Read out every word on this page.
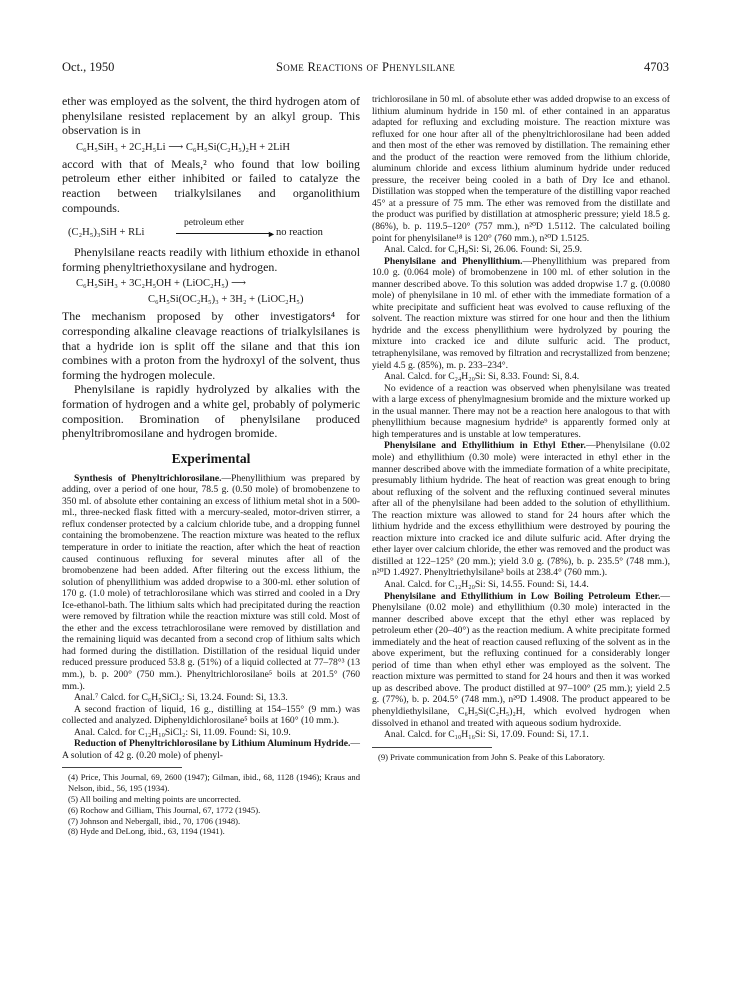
Oct., 1950	Some Reactions of Phenylsilane	4703

ether was employed as the solvent, the third hydrogen atom of phenylsilane resisted replacement by an alkyl group. This observation is in

C₆H₅SiH₃ + 2C₂H₅Li ⟶ C₆H₅Si(C₂H₅)₂H + 2LiH

accord with that of Meals,² who found that low boiling petroleum ether either inhibited or failed to catalyze the reaction between trialkylsilanes and organolithium compounds.

(C₂H₅)₃SiH + RLi
petroleum ether
► no reaction

Phenylsilane reacts readily with lithium ethoxide in ethanol forming phenyltriethoxysilane and hydrogen.

C₆H₅SiH₃ + 3C₂H₅OH + (LiOC₂H₅) ⟶
C₆H₅Si(OC₂H₅)₃ + 3H₂ + (LiOC₂H₅)

The mechanism proposed by other investigators⁴ for corresponding alkaline cleavage reactions of trialkylsilanes is that a hydride ion is split off the silane and that this ion combines with a proton from the hydroxyl of the solvent, thus forming the hydrogen molecule.

Phenylsilane is rapidly hydrolyzed by alkalies with the formation of hydrogen and a white gel, probably of polymeric composition. Bromination of phenylsilane produced phenyltribromosilane and hydrogen bromide.

Experimental

Synthesis of Phenyltrichlorosilane.—Phenyllithium was prepared by adding, over a period of one hour, 78.5 g. (0.50 mole) of bromobenzene to 350 ml. of absolute ether containing an excess of lithium metal shot in a 500-ml., three-necked flask fitted with a mercury-sealed, motor-driven stirrer, a reflux condenser protected by a calcium chloride tube, and a dropping funnel containing the bromobenzene. The reaction mixture was heated to the reflux temperature in order to initiate the reaction, after which the heat of reaction caused continuous refluxing for several minutes after all of the bromobenzene had been added. After filtering out the excess lithium, the solution of phenyllithium was added dropwise to a 300-ml. ether solution of 170 g. (1.0 mole) of tetrachlorosilane which was stirred and cooled in a Dry Ice-ethanol-bath. The lithium salts which had precipitated during the reaction were removed by filtration while the reaction mixture was still cold. Most of the ether and the excess tetrachlorosilane were removed by distillation and the remaining liquid was decanted from a second crop of lithium salts which had formed during the distillation. Distillation of the residual liquid under reduced pressure produced 53.8 g. (51%) of a liquid collected at 77–78°³ (13 mm.), b. p. 200° (750 mm.). Phenyltrichlorosilane⁵ boils at 201.5° (760 mm.).

Anal.⁷ Calcd. for C₆H₅SiCl₃: Si, 13.24. Found: Si, 13.3.

A second fraction of liquid, 16 g., distilling at 154–155° (9 mm.) was collected and analyzed. Diphenyldichlorosilane⁵ boils at 160° (10 mm.).

Anal. Calcd. for C₁₂H₁₀SiCl₂: Si, 11.09. Found: Si, 10.9.

Reduction of Phenyltrichlorosilane by Lithium Aluminum Hydride.—A solution of 42 g. (0.20 mole) of phenyl-

(4) Price, This Journal, 69, 2600 (1947); Gilman, ibid., 68, 1128 (1946); Kraus and Nelson, ibid., 56, 195 (1934).
(5) All boiling and melting points are uncorrected.
(6) Rochow and Gilliam, This Journal, 67, 1772 (1945).
(7) Johnson and Nebergall, ibid., 70, 1706 (1948).
(8) Hyde and DeLong, ibid., 63, 1194 (1941).

trichlorosilane in 50 ml. of absolute ether was added dropwise to an excess of lithium aluminum hydride in 150 ml. of ether contained in an apparatus adapted for refluxing and excluding moisture. The reaction mixture was refluxed for one hour after all of the phenyltrichlorosilane had been added and then most of the ether was removed by distillation. The remaining ether and the product of the reaction were removed from the lithium chloride, aluminum chloride and excess lithium aluminum hydride under reduced pressure, the receiver being cooled in a bath of Dry Ice and ethanol. Distillation was stopped when the temperature of the distilling vapor reached 45° at a pressure of 75 mm. The ether was removed from the distillate and the product was purified by distillation at atmospheric pressure; yield 18.5 g. (86%), b. p. 119.5–120° (757 mm.), n²⁰D 1.5112. The calculated boiling point for phenylsilane¹⁸ is 120° (760 mm.), n²⁰D 1.5125.

Anal. Calcd. for C₆H₈Si: Si, 26.06. Found: Si, 25.9.

Phenylsilane and Phenyllithium.—Phenyllithium was prepared from 10.0 g. (0.064 mole) of bromobenzene in 100 ml. of ether solution in the manner described above. To this solution was added dropwise 1.7 g. (0.0080 mole) of phenylsilane in 10 ml. of ether with the immediate formation of a white precipitate and sufficient heat was evolved to cause refluxing of the solvent. The reaction mixture was stirred for one hour and then the lithium hydride and the excess phenyllithium were hydrolyzed by pouring the mixture into cracked ice and dilute sulfuric acid. The product, tetraphenylsilane, was removed by filtration and recrystallized from benzene; yield 4.5 g. (85%), m. p. 233–234°.

Anal. Calcd. for C₂₄H₂₀Si: Si, 8.33. Found: Si, 8.4.

No evidence of a reaction was observed when phenylsilane was treated with a large excess of phenylmagnesium bromide and the mixture worked up in the usual manner. There may not be a reaction here analogous to that with phenyllithium because magnesium hydride⁹ is apparently formed only at high temperatures and is unstable at low temperatures.

Phenylsilane and Ethyllithium in Ethyl Ether.—Phenylsilane (0.02 mole) and ethyllithium (0.30 mole) were interacted in ethyl ether in the manner described above with the immediate formation of a white precipitate, presumably lithium hydride. The heat of reaction was great enough to bring about refluxing of the solvent and the refluxing continued several minutes after all of the phenylsilane had been added to the solution of ethyllithium. The reaction mixture was allowed to stand for 24 hours after which the lithium hydride and the excess ethyllithium were destroyed by pouring the reaction mixture into cracked ice and dilute sulfuric acid. After drying the ether layer over calcium chloride, the ether was removed and the product was distilled at 122–125° (20 mm.); yield 3.0 g. (78%), b. p. 235.5° (748 mm.), n²⁰D 1.4927. Phenyltriethylsilane³ boils at 238.4° (760 mm.).

Anal. Calcd. for C₁₂H₂₀Si: Si, 14.55. Found: Si, 14.4.

Phenylsilane and Ethyllithium in Low Boiling Petroleum Ether.—Phenylsilane (0.02 mole) and ethyllithium (0.30 mole) interacted in the manner described above except that the ethyl ether was replaced by petroleum ether (20–40°) as the reaction medium. A white precipitate formed immediately and the heat of reaction caused refluxing of the solvent as in the above experiment, but the refluxing continued for a considerably longer period of time than when ethyl ether was employed as the solvent. The reaction mixture was permitted to stand for 24 hours and then it was worked up as described above. The product distilled at 97–100° (25 mm.); yield 2.5 g. (77%), b. p. 204.5° (748 mm.), n²⁰D 1.4908. The product appeared to be phenyldiethylsilane, C₆H₅Si(C₂H₅)₂H, which evolved hydrogen when dissolved in ethanol and treated with aqueous sodium hydroxide.

Anal. Calcd. for C₁₀H₁₆Si: Si, 17.09. Found: Si, 17.1.

(9) Private communication from John S. Peake of this Laboratory.
